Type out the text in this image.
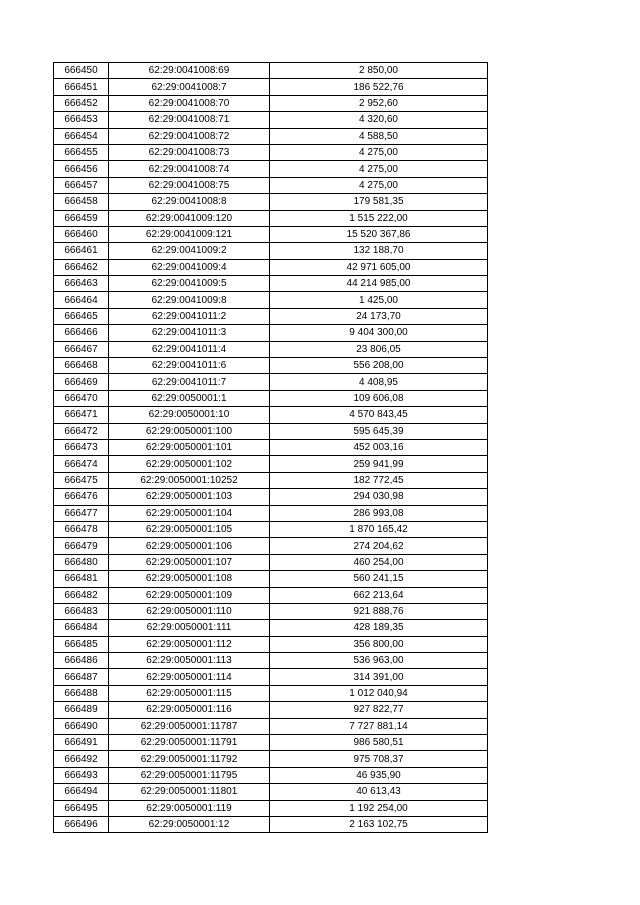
666450	62:29:0041008:69	2 850,00
666451	62:29:0041008:7	186 522,76
666452	62:29:0041008:70	2 952,60
666453	62:29:0041008:71	4 320,60
666454	62:29:0041008:72	4 588,50
666455	62:29:0041008:73	4 275,00
666456	62:29:0041008:74	4 275,00
666457	62:29:0041008:75	4 275,00
666458	62:29:0041008:8	179 581,35
666459	62:29:0041009:120	1 515 222,00
666460	62:29:0041009:121	15 520 367,86
666461	62:29:0041009:2	132 188,70
666462	62:29:0041009:4	42 971 605,00
666463	62:29:0041009:5	44 214 985,00
666464	62:29:0041009:8	1 425,00
666465	62:29:0041011:2	24 173,70
666466	62:29:0041011:3	9 404 300,00
666467	62:29:0041011:4	23 806,05
666468	62:29:0041011:6	556 208,00
666469	62:29:0041011:7	4 408,95
666470	62:29:0050001:1	109 606,08
666471	62:29:0050001:10	4 570 843,45
666472	62:29:0050001:100	595 645,39
666473	62:29:0050001:101	452 003,16
666474	62:29:0050001:102	259 941,99
666475	62:29:0050001:10252	182 772,45
666476	62:29:0050001:103	294 030,98
666477	62:29:0050001:104	286 993,08
666478	62:29:0050001:105	1 870 165,42
666479	62:29:0050001:106	274 204,62
666480	62:29:0050001:107	460 254,00
666481	62:29:0050001:108	560 241,15
666482	62:29:0050001:109	662 213,64
666483	62:29:0050001:110	921 888,76
666484	62:29:0050001:111	428 189,35
666485	62:29:0050001:112	356 800,00
666486	62:29:0050001:113	536 963,00
666487	62:29:0050001:114	314 391,00
666488	62:29:0050001:115	1 012 040,94
666489	62:29:0050001:116	927 822,77
666490	62:29:0050001:11787	7 727 881,14
666491	62:29:0050001:11791	986 580,51
666492	62:29:0050001:11792	975 708,37
666493	62:29:0050001:11795	46 935,90
666494	62:29:0050001:11801	40 613,43
666495	62:29:0050001:119	1 192 254,00
666496	62:29:0050001:12	2 163 102,75
